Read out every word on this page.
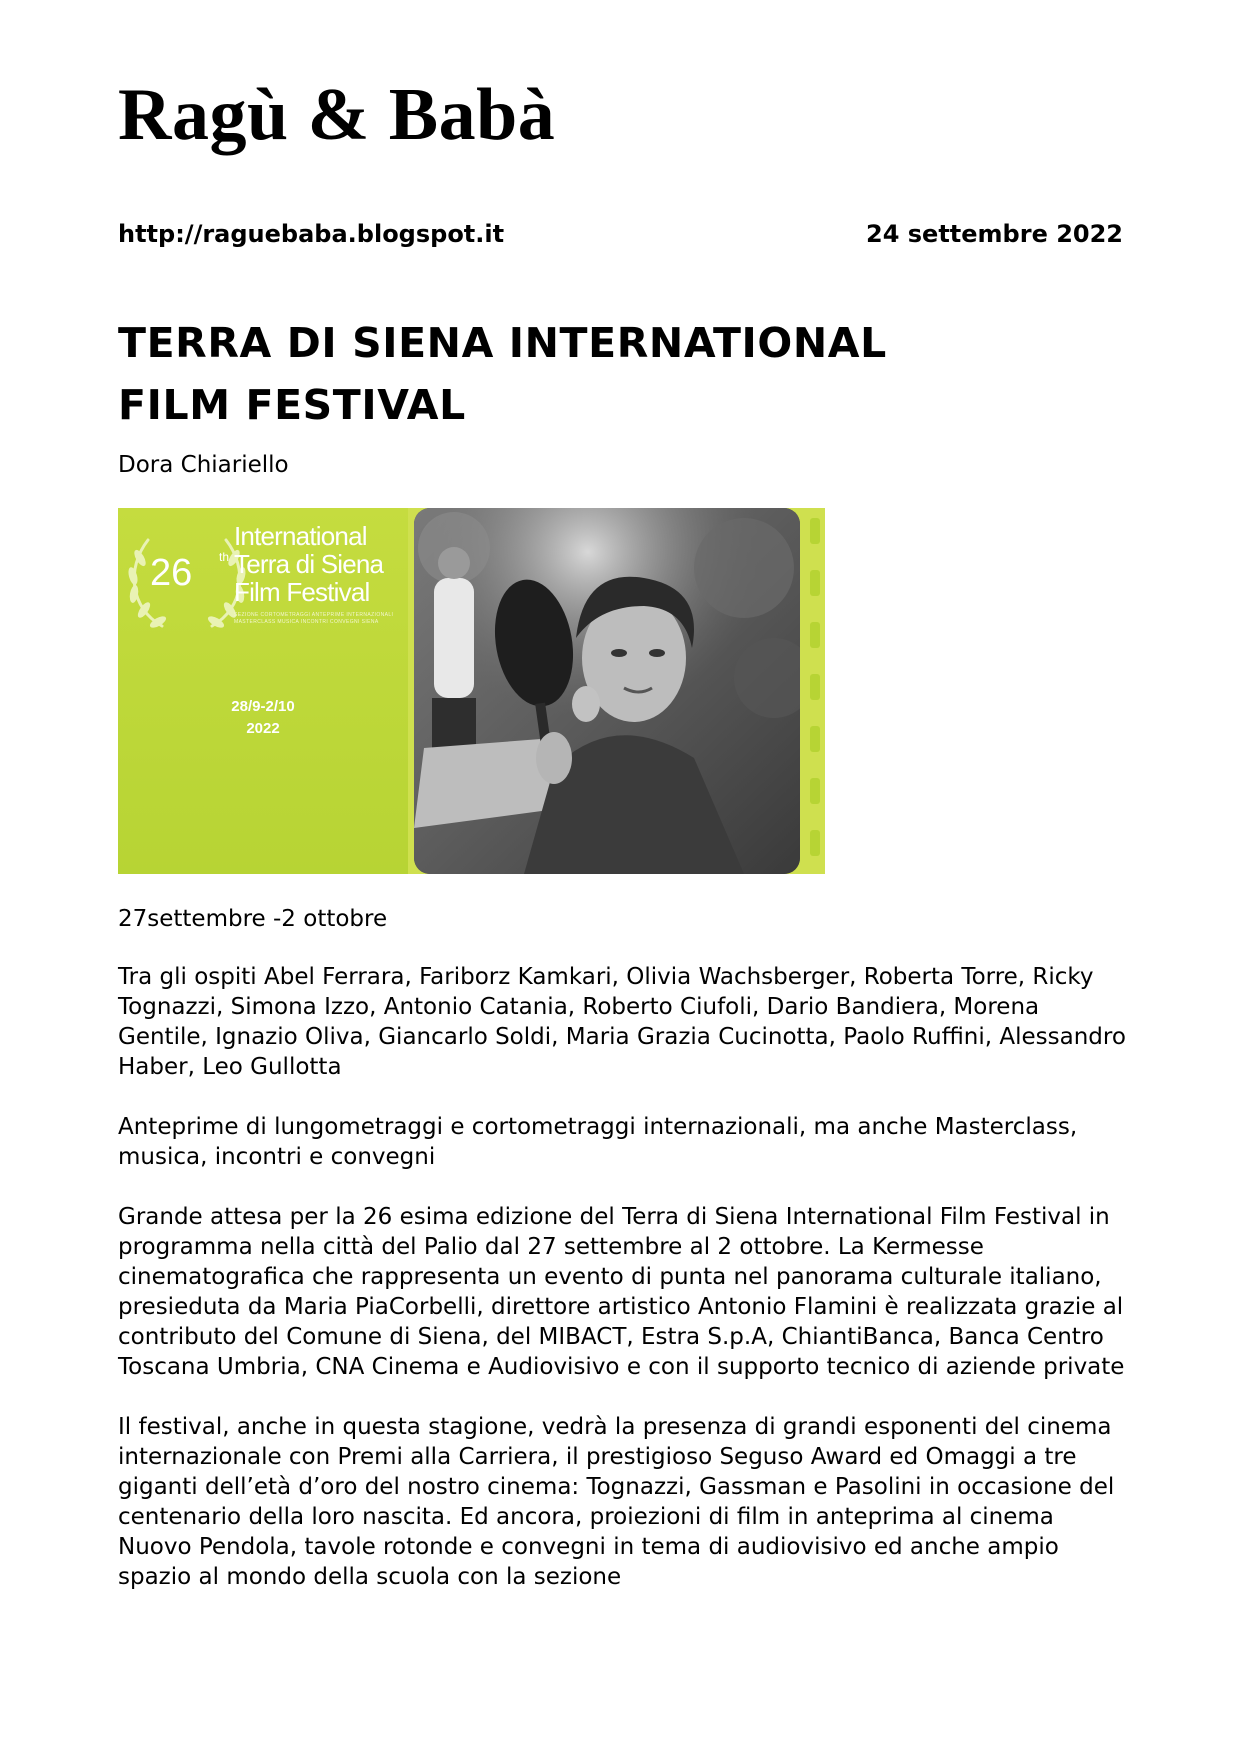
Ragù & Babà
http://raguebaba.blogspot.it	24 settembre 2022
TERRA DI SIENA INTERNATIONAL
FILM FESTIVAL
Dora Chiariello
26 th
International
Terra di Siena
Film Festival
SEZIONE CORTOMETRAGGI ANTEPRIME INTERNAZIONALI
MASTERCLASS MUSICA INCONTRI CONVEGNI SIENA
28/9-2/10
2022

27settembre -2 ottobre

Tra gli ospiti Abel Ferrara, Fariborz Kamkari, Olivia Wachsberger, Roberta Torre, Ricky Tognazzi, Simona Izzo, Antonio Catania, Roberto Ciufoli, Dario Bandiera, Morena Gentile, Ignazio Oliva, Giancarlo Soldi, Maria Grazia Cucinotta, Paolo Ruffini, Alessandro Haber, Leo Gullotta

Anteprime di lungometraggi e cortometraggi internazionali, ma anche Masterclass, musica, incontri e convegni

Grande attesa per la 26 esima edizione del Terra di Siena International Film Festival in programma nella città del Palio dal 27 settembre al 2 ottobre. La Kermesse cinematografica che rappresenta un evento di punta nel panorama culturale italiano, presieduta da Maria PiaCorbelli, direttore artistico Antonio Flamini è realizzata grazie al contributo del Comune di Siena, del MIBACT, Estra S.p.A, ChiantiBanca, Banca Centro Toscana Umbria, CNA Cinema e Audiovisivo e con il supporto tecnico di aziende private

Il festival, anche in questa stagione, vedrà la presenza di grandi esponenti del cinema internazionale con Premi alla Carriera, il prestigioso Seguso Award ed Omaggi a tre giganti dell’età d’oro del nostro cinema: Tognazzi, Gassman e Pasolini in occasione del centenario della loro nascita. Ed ancora, proiezioni di film in anteprima al cinema Nuovo Pendola, tavole rotonde e convegni in tema di audiovisivo ed anche ampio spazio al mondo della scuola con la sezione
